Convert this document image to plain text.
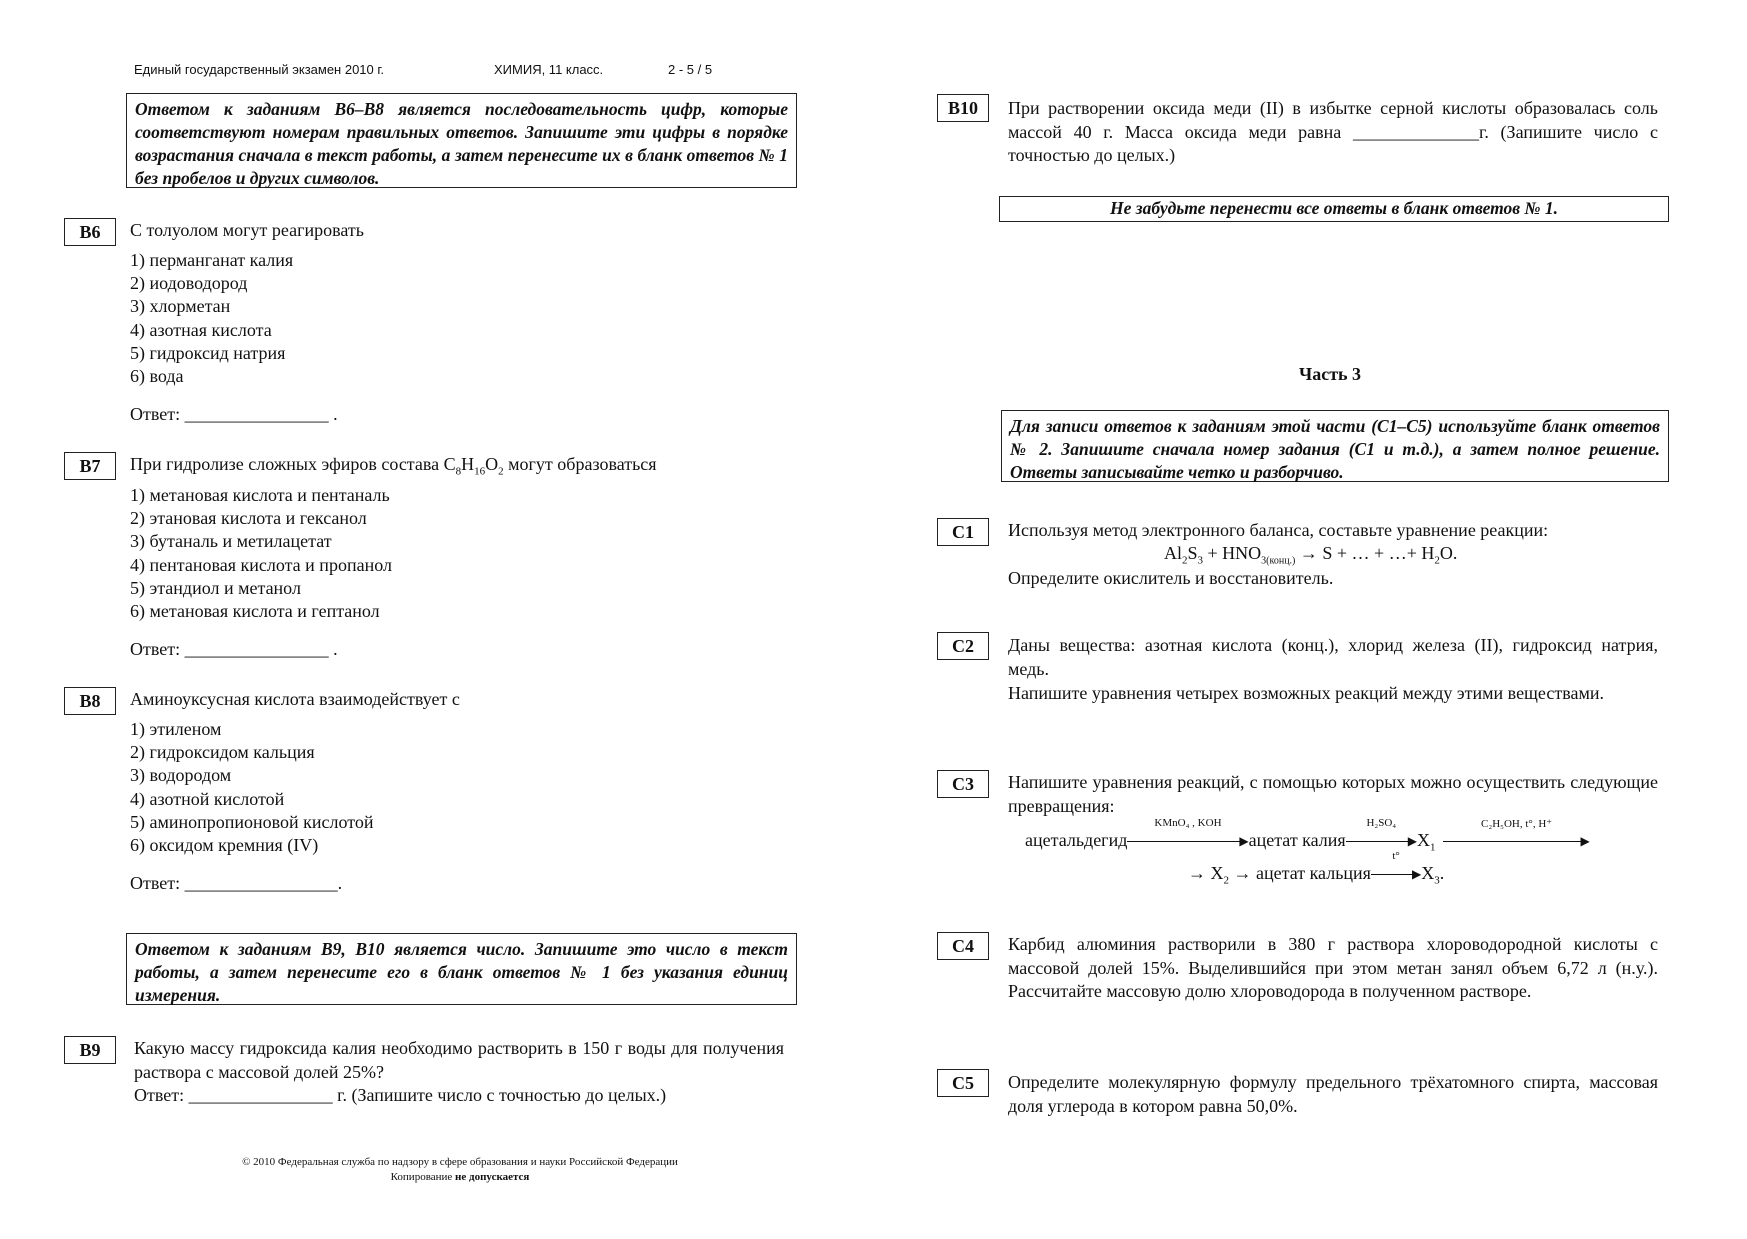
Единый государственный экзамен 2010 г.	ХИМИЯ, 11 класс.	2 - 5 / 5
Ответом к заданиям В6–В8 является последовательность цифр, которые соответствуют номерам правильных ответов. Запишите эти цифры в порядке возрастания сначала в текст работы, а затем перенесите их в бланк ответов № 1 без пробелов и других символов.
В6	С толуолом могут реагировать
1) перманганат калия
2) иодоводород
3) хлорметан
4) азотная кислота
5) гидроксид натрия
6) вода
Ответ: ________________ .
В7	При гидролизе сложных эфиров состава $C_8H_{16}O_2$ могут образоваться
1) метановая кислота и пентаналь
2) этановая кислота и гексанол
3) бутаналь и метилацетат
4) пентановая кислота и пропанол
5) этандиол и метанол
6) метановая кислота и гептанол
Ответ: ________________ .
В8	Аминоуксусная кислота взаимодействует с
1) этиленом
2) гидроксидом кальция
3) водородом
4) азотной кислотой
5) аминопропионовой кислотой
6) оксидом кремния (IV)
Ответ: _________________.
Ответом к заданиям В9, В10 является число. Запишите это число в текст работы, а затем перенесите его в бланк ответов № 1 без указания единиц измерения.
В9	Какую массу гидроксида калия необходимо растворить в 150 г воды для получения раствора с массовой долей 25%?
Ответ: ________________ г. (Запишите число с точностью до целых.)
© 2010 Федеральная служба по надзору в сфере образования и науки Российской Федерации
Копирование не допускается
В10	При растворении оксида меди (II) в избытке серной кислоты образовалась соль массой 40 г. Масса оксида меди равна ______________г. (Запишите число с точностью до целых.)
Не забудьте перенести все ответы в бланк ответов № 1.
Часть 3
Для записи ответов к заданиям этой части (С1–С5) используйте бланк ответов № 2. Запишите сначала номер задания (С1 и т.д.), а затем полное решение. Ответы записывайте четко и разборчиво.
С1	Используя метод электронного баланса, составьте уравнение реакции:
$Al_2S_3 + HNO_{3(конц.)} \to S$ + … + …+ $H_2O$.
Определите окислитель и восстановитель.
С2	Даны вещества: азотная кислота (конц.), хлорид железа (II), гидроксид натрия, медь.
Напишите уравнения четырех возможных реакций между этими веществами.
С3	Напишите уравнения реакций, с помощью которых можно осуществить следующие превращения:
ацетальдегид
KMnO₄ , KOH
▶ацетат калия
H₂SO₄
$▶X_1$
C₂H₅OH, t°, H⁺
▶
→ $X_2$ → ацетат кальция
t°
$▶X_3$.
С4	Карбид алюминия растворили в 380 г раствора хлороводородной кислоты с массовой долей 15%. Выделившийся при этом метан занял объем 6,72 л (н.у.). Рассчитайте массовую долю хлороводорода в полученном растворе.
С5	Определите молекулярную формулу предельного трёхатомного спирта, массовая доля углерода в котором равна 50,0%.
